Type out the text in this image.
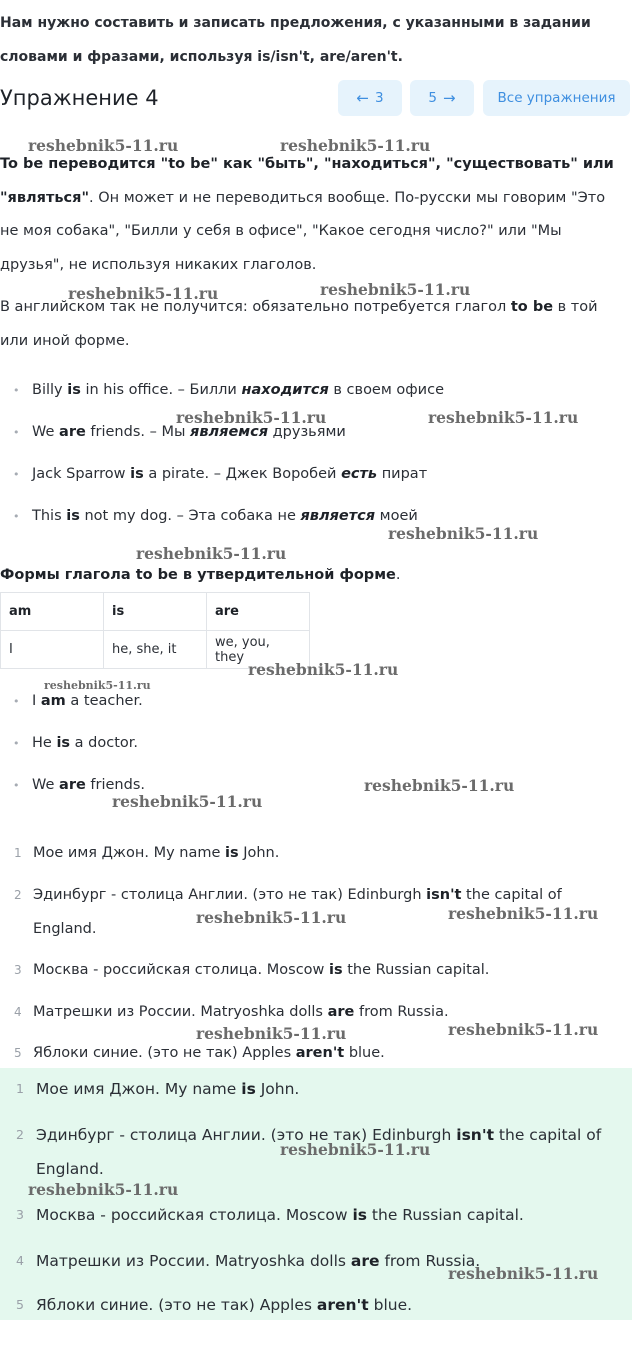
Нам нужно составить и записать предложения, с указанными в задании
словами и фразами, используя is/isn't, are/aren't.
Упражнение 4	← 3	5 →	Все упражнения
To be переводится "to be" как "быть", "находиться", "существовать" или "являться". Он может и не переводиться вообще. По-русски мы говорим "Это не моя собака", "Билли у себя в офисе", "Какое сегодня число?" или "Мы друзья", не используя никаких глаголов.
В английском так не получится: обязательно потребуется глагол to be в той или иной форме.
Billy is in his office. – Билли находится в своем офисе
We are friends. – Мы являемся друзьями
Jack Sparrow is a pirate. – Джек Воробей есть пират
This is not my dog. – Эта собака не является моей
Формы глагола to be в утвердительной форме.
am	is	are
I	he, she, it	we, you, they
I am a teacher.
He is a doctor.
We are friends.
1 Мое имя Джон. My name is John.
2 Эдинбург - столица Англии. (это не так) Edinburgh isn't the capital of England.
3 Москва - российская столица. Moscow is the Russian capital.
4 Матрешки из России. Matryoshka dolls are from Russia.
5 Яблоки синие. (это не так) Apples aren't blue.
1 Мое имя Джон. My name is John.
2 Эдинбург - столица Англии. (это не так) Edinburgh isn't the capital of England.
3 Москва - российская столица. Moscow is the Russian capital.
4 Матрешки из России. Matryoshka dolls are from Russia.
5 Яблоки синие. (это не так) Apples aren't blue.
reshebnik5-11.ru	reshebnik5-11.ru
reshebnik5-11.ru	reshebnik5-11.ru
reshebnik5-11.ru	reshebnik5-11.ru
reshebnik5-11.ru
reshebnik5-11.ru
reshebnik5-11.ru
reshebnik5-11.ru
reshebnik5-11.ru
reshebnik5-11.ru
reshebnik5-11.ru
reshebnik5-11.ru
reshebnik5-11.ru
reshebnik5-11.ru
reshebnik5-11.ru
reshebnik5-11.ru
reshebnik5-11.ru
